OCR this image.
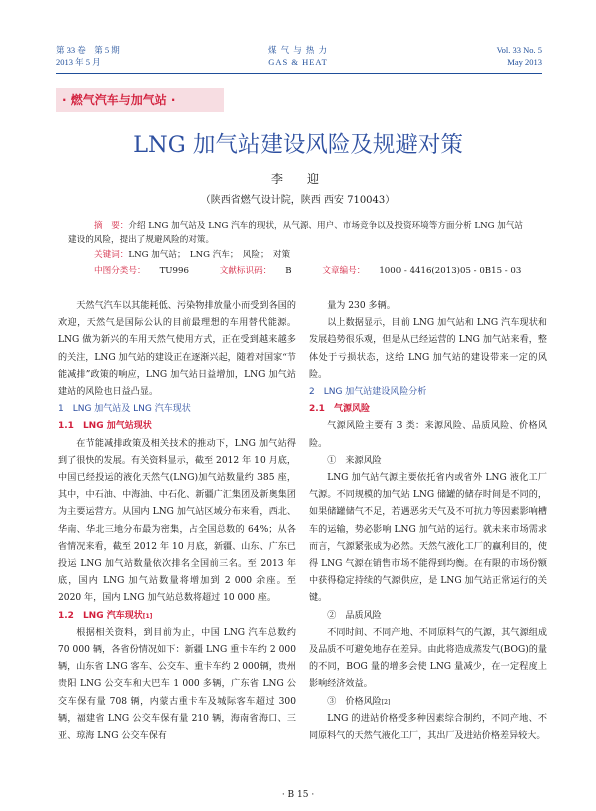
第 33 卷　第 5 期
2013 年 5 月
煤 气 与 热 力
GAS & HEAT
Vol. 33 No. 5
May 2013
· 燃气汽车与加气站 ·
LNG 加气站建设风险及规避对策
李　迎
（陕西省燃气设计院，陕西 西安 710043）
摘　要：介绍 LNG 加气站及 LNG 汽车的现状，从气源、用户、市场竞争以及投资环境等方面分析 LNG 加气站建设的风险，提出了规避风险的对策。
关键词：LNG 加气站；　LNG 汽车；　风险；　对策
中图分类号： TU996	文献标识码： B	文章编号： 1000 - 4416(2013)05 - 0B15 - 03

天然气汽车以其能耗低、污染物排放量小而受到各国的欢迎，天然气是国际公认的目前最理想的车用替代能源。LNG 做为新兴的车用天然气使用方式，正在受到越来越多的关注，LNG 加气站的建设正在逐渐兴起，随着对国家“节能减排”政策的响应，LNG 加气站日益增加，LNG 加气站建站的风险也日益凸显。

1　LNG 加气站及 LNG 汽车现状
1.1　LNG 加气站现状

在节能减排政策及相关技术的推动下，LNG 加气站得到了很快的发展。有关资料显示，截至 2012 年 10 月底，中国已经投运的液化天然气(LNG)加气站数量约 385 座，其中，中石油、中海油、中石化、新疆广汇集团及新奥集团为主要运营方。从国内 LNG 加气站区域分布来看，西北、华南、华北三地分布最为密集，占全国总数的 64%；从各省情况来看，截至 2012 年 10 月底，新疆、山东、广东已投运 LNG 加气站数量依次排名全国前三名。至 2013 年底，国内 LNG 加气站数量将增加到 2 000 余座。至 2020 年，国内 LNG 加气站总数将超过 10 000 座。

1.2　LNG 汽车现状[1]

根据相关资料，到目前为止，中国 LNG 汽车总数约 70 000 辆，各省份情况如下：新疆 LNG 重卡车约 2 000 辆，山东省 LNG 客车、公交车、重卡车约 2 000辆，贵州贵阳 LNG 公交车和大巴车 1 000 多辆，广东省 LNG 公交车保有量 708 辆，内蒙古重卡车及城际客车超过 300 辆，福建省 LNG 公交车保有量 210 辆，海南省海口、三亚、琼海 LNG 公交车保有

量为 230 多辆。

以上数据显示，目前 LNG 加气站和 LNG 汽车现状和发展趋势很乐观，但是从已经运营的 LNG 加气站来看，整体处于亏损状态，这给 LNG 加气站的建设带来一定的风险。

2　LNG 加气站建设风险分析
2.1　气源风险

气源风险主要有 3 类：来源风险、品质风险、价格风险。

①　来源风险

LNG 加气站气源主要依托省内或省外 LNG 液化工厂气源。不同规模的加气站 LNG 储罐的储存时间是不同的，如果储罐储气不足，若遇恶劣天气及不可抗力等因素影响槽车的运输，势必影响 LNG 加气站的运行。就未来市场需求而言，气源紧张成为必然。天然气液化工厂的赢利目的，使得 LNG 气源在销售市场不能得到均衡。在有限的市场份额中获得稳定持续的气源供应，是 LNG 加气站正常运行的关键。

②　品质风险

不同时间、不同产地、不同原料气的气源，其气源组成及品质不可避免地存在差异。由此将造成蒸发气(BOG)的量的不同，BOG 量的增多会使 LNG 量减少，在一定程度上影响经济效益。

③　价格风险[2]

LNG 的进站价格受多种因素综合制约，不同产地、不同原料气的天然气液化工厂，其出厂及进站价格差异较大。

· B 15 ·
